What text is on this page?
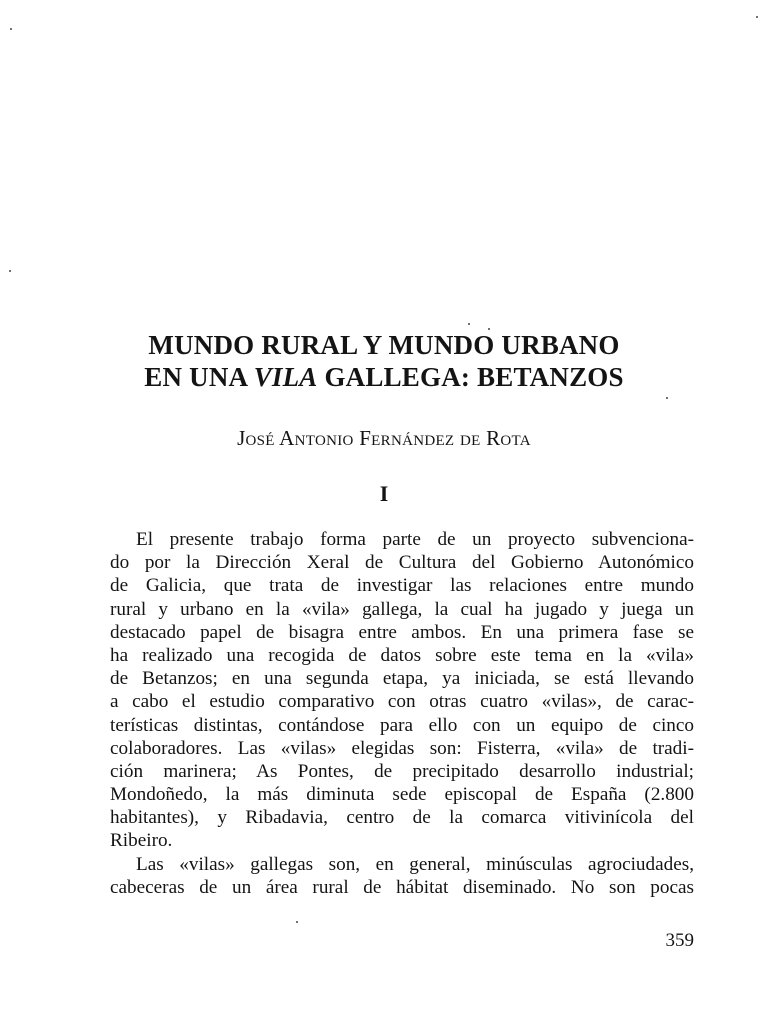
MUNDO RURAL Y MUNDO URBANO
EN UNA VILA GALLEGA: BETANZOS
José Antonio Fernández de Rota
I
El presente trabajo forma parte de un proyecto subvenciona-
do por la Dirección Xeral de Cultura del Gobierno Autonómico
de Galicia, que trata de investigar las relaciones entre mundo
rural y urbano en la «vila» gallega, la cual ha jugado y juega un
destacado papel de bisagra entre ambos. En una primera fase se
ha realizado una recogida de datos sobre este tema en la «vila»
de Betanzos; en una segunda etapa, ya iniciada, se está llevando
a cabo el estudio comparativo con otras cuatro «vilas», de carac-
terísticas distintas, contándose para ello con un equipo de cinco
colaboradores. Las «vilas» elegidas son: Fisterra, «vila» de tradi-
ción marinera; As Pontes, de precipitado desarrollo industrial;
Mondoñedo, la más diminuta sede episcopal de España (2.800
habitantes), y Ribadavia, centro de la comarca vitivinícola del
Ribeiro.
Las «vilas» gallegas son, en general, minúsculas agrociudades,
cabeceras de un área rural de hábitat diseminado. No son pocas
359
